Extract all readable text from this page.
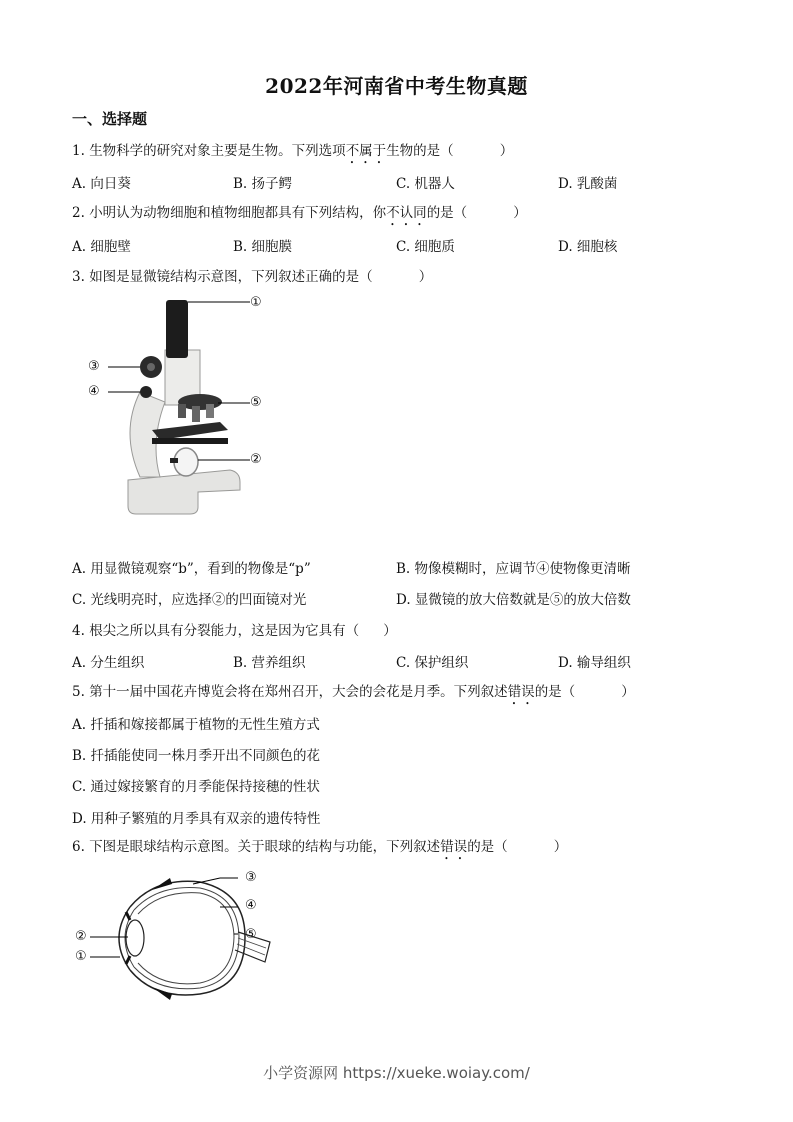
2022年河南省中考生物真题
一、选择题
1. 生物科学的研究对象主要是生物。下列选项不属于生物的是（	）
A. 向日葵	B. 扬子鳄	C. 机器人	D. 乳酸菌
2. 小明认为动物细胞和植物细胞都具有下列结构，你不认同的是（	）
A. 细胞壁	B. 细胞膜	C. 细胞质	D. 细胞核
3. 如图是显微镜结构示意图，下列叙述正确的是（	）
①
②
③
④
⑤
A. 用显微镜观察“b”，看到的物像是“p”	B. 物像模糊时，应调节④使物像更清晰
C. 光线明亮时，应选择②的凹面镜对光	D. 显微镜的放大倍数就是⑤的放大倍数
4. 根尖之所以具有分裂能力，这是因为它具有（ ）
A. 分生组织	B. 营养组织	C. 保护组织	D. 输导组织
5. 第十一届中国花卉博览会将在郑州召开，大会的会花是月季。下列叙述错误的是（	）
A. 扦插和嫁接都属于植物的无性生殖方式
B. 扦插能使同一株月季开出不同颜色的花
C. 通过嫁接繁育的月季能保持接穗的性状
D. 用种子繁殖的月季具有双亲的遗传特性
6. 下图是眼球结构示意图。关于眼球的结构与功能，下列叙述错误的是（	）
③
④
⑤
②
①
小学资源网 https://xueke.woiay.com/
